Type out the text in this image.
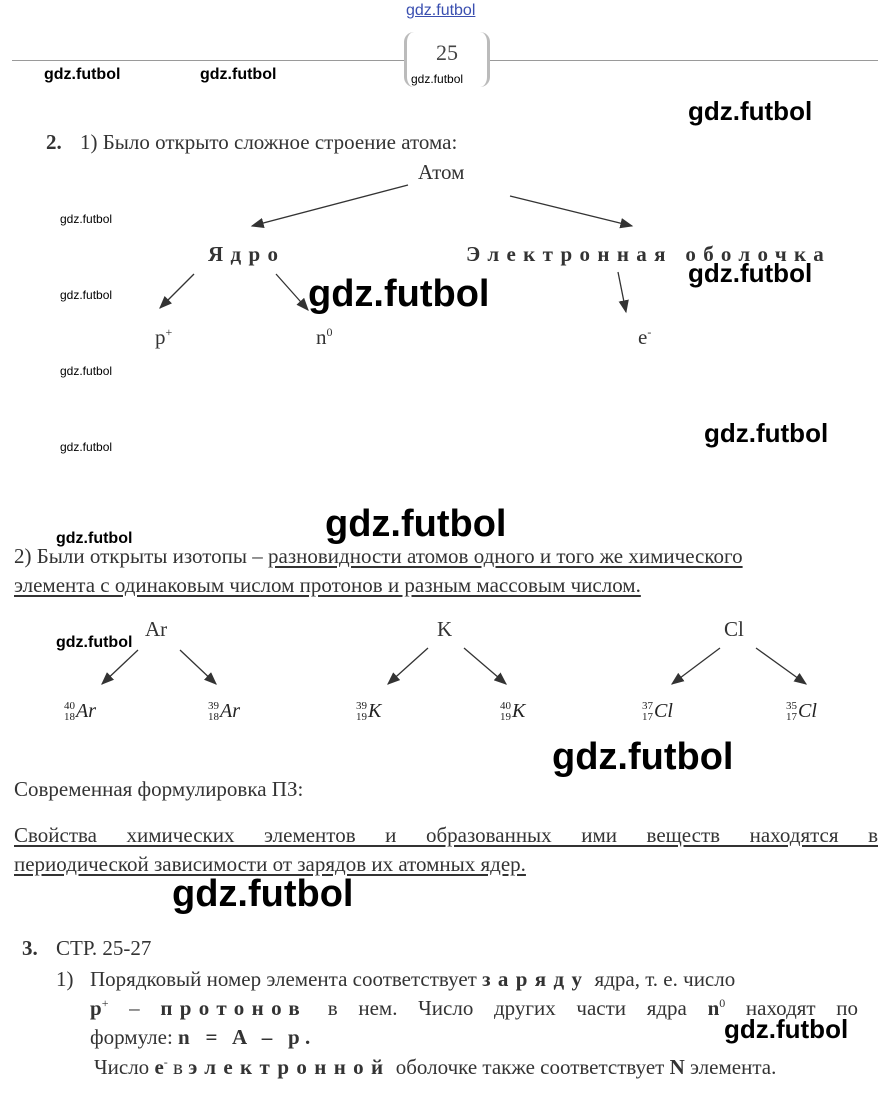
gdz.futbol
25
gdz.futbol
gdz.futbol	gdz.futbol
gdz.futbol
gdz.futbol
gdz.futbol
gdz.futbol
gdz.futbol
gdz.futbol	gdz.futbol
gdz.futbol
gdz.futbol
gdz.futbol
gdz.futbol
gdz.futbol
gdz.futbol
gdz.futbol
2. 1) Было открыто сложное строение атома:
Атом
Ядро	Электронная оболочка
p+	$n^0$	e-
2) Были открыты изотопы – разновидности атомов одного и того же химического
элемента с одинаковым числом протонов и разным массовым числом.
Ar	K	Cl
40
18 Ar	39
18 Ar	39
19 K	40
19 K	37
17 Cl	35
17 Cl
Современная формулировка ПЗ:
Свойства химических элементов и образованных ими веществ находятся в
периодической зависимости от зарядов их атомных ядер.
3. СТР. 25-27
1) Порядковый номер элемента соответствует заряду ядра, т. е. число
p+ – протонов в нем. Число других части ядра $n^0$ находят по
формуле: n = A – p.
Число e- в электронной оболочке также соответствует N элемента.
